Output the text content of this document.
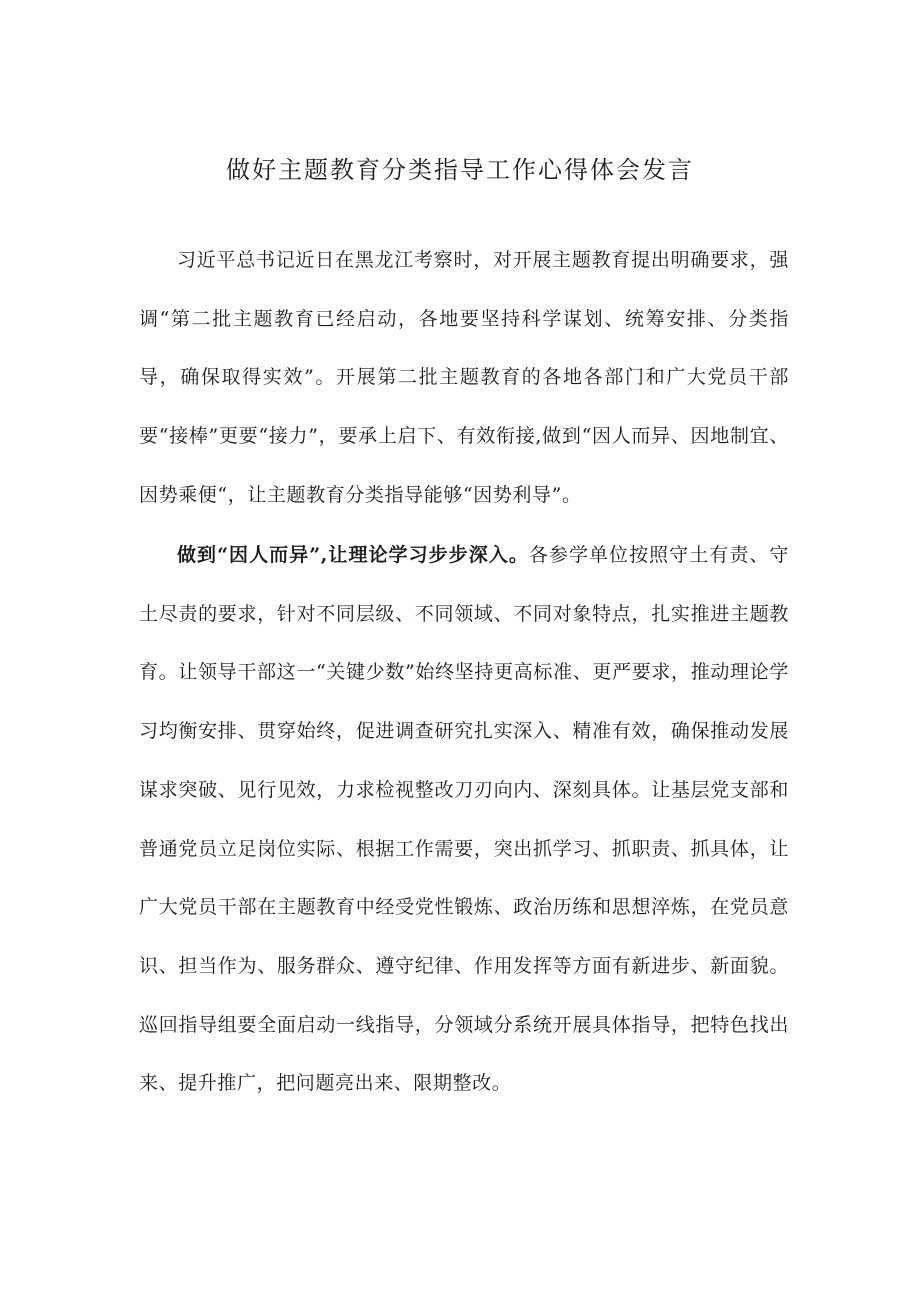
做好主题教育分类指导工作心得体会发言

习近平总书记近日在黑龙江考察时，对开展主题教育提出明确要求，强调“第二批主题教育已经启动，各地要坚持科学谋划、统筹安排、分类指导，确保取得实效”。开展第二批主题教育的各地各部门和广大党员干部要“接棒”更要“接力”，要承上启下、有效衔接,做到“因人而异、因地制宜、因势乘便“，让主题教育分类指导能够“因势利导”。

做到“因人而异”,让理论学习步步深入。各参学单位按照守土有责、守土尽责的要求，针对不同层级、不同领域、不同对象特点，扎实推进主题教育。让领导干部这一“关键少数”始终坚持更高标准、更严要求，推动理论学习均衡安排、贯穿始终，促进调查研究扎实深入、精准有效，确保推动发展谋求突破、见行见效，力求检视整改刀刃向内、深刻具体。让基层党支部和普通党员立足岗位实际、根据工作需要，突出抓学习、抓职责、抓具体，让广大党员干部在主题教育中经受党性锻炼、政治历练和思想淬炼，在党员意识、担当作为、服务群众、遵守纪律、作用发挥等方面有新进步、新面貌。巡回指导组要全面启动一线指导，分领域分系统开展具体指导，把特色找出来、提升推广，把问题亮出来、限期整改。
